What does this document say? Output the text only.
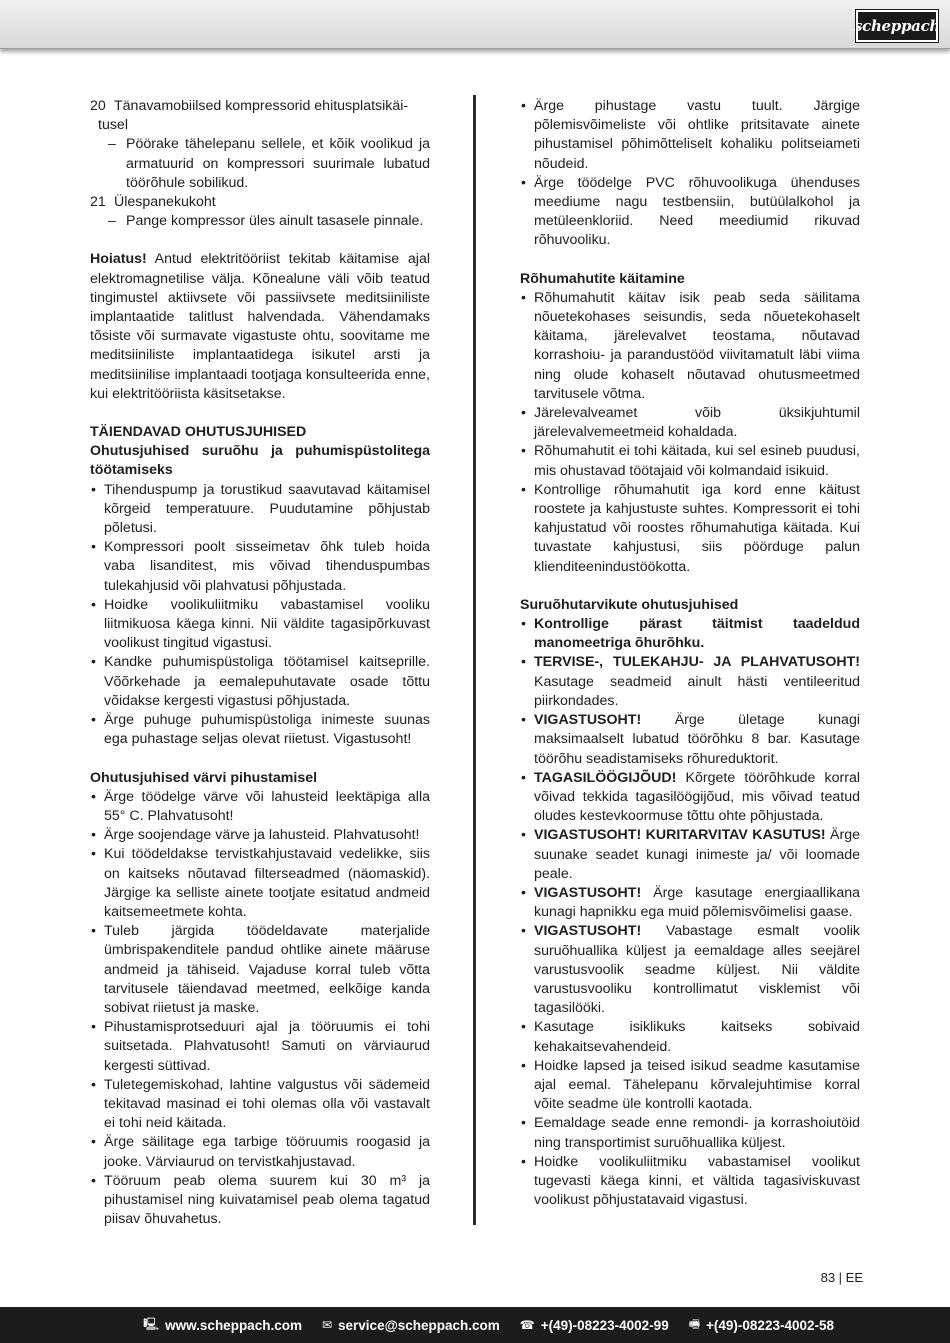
scheppach
20 Tänavamobiilsed kompressorid ehitusplatsikäi-
tusel
– Pöörake tähelepanu sellele, et kõik voolikud ja armatuurid on kompressori suurimale lubatud töörõhule sobilikud.
21 Ülespanekukoht
– Pange kompressor üles ainult tasasele pinnale.

Hoiatus! Antud elektritööriist tekitab käitamise ajal elektromagnetilise välja. Kõnealune väli võib teatud tingimustel aktiivsete või passiivsete meditsiiniliste implantaatide talitlust halvendada. Vähendamaks tõsiste või surmavate vigastuste ohtu, soovitame me meditsiiniliste implantaatidega isikutel arsti ja meditsiinilise implantaadi tootjaga konsulteerida enne, kui elektritööriista käsitsetakse.

TÄIENDAVAD OHUTUSJUHISED

Ohutusjuhised suruõhu ja puhumispüstolitega töötamiseks

• Tihenduspump ja torustikud saavutavad käitamisel kõrgeid temperatuure. Puudutamine põhjustab põletusi.
• Kompressori poolt sisseimetav õhk tuleb hoida vaba lisanditest, mis võivad tihenduspumbas tulekahjusid või plahvatusi põhjustada.
• Hoidke voolikuliitmiku vabastamisel vooliku liitmikuosa käega kinni. Nii väldite tagasipõrkuvast voolikust tingitud vigastusi.
• Kandke puhumispüstoliga töötamisel kaitseprille. Võõrkehade ja eemalepuhutavate osade tõttu võidakse kergesti vigastusi põhjustada.
• Ärge puhuge puhumispüstoliga inimeste suunas ega puhastage seljas olevat riietust. Vigastusoht!
Ohutusjuhised värvi pihustamisel
• Ärge töödelge värve või lahusteid leektäpiga alla 55° C. Plahvatusoht!
• Ärge soojendage värve ja lahusteid. Plahvatusoht!
• Kui töödeldakse tervistkahjustavaid vedelikke, siis on kaitseks nõutavad filterseadmed (näomaskid). Järgige ka selliste ainete tootjate esitatud andmeid kaitsemeetmete kohta.
• Tuleb järgida töödeldavate materjalide ümbrispakenditele pandud ohtlike ainete määruse andmeid ja tähiseid. Vajaduse korral tuleb võtta tarvitusele täiendavad meetmed, eelkõige kanda sobivat riietust ja maske.
• Pihustamisprotseduuri ajal ja tööruumis ei tohi suitsetada. Plahvatusoht! Samuti on värviaurud kergesti süttivad.
• Tuletegemiskohad, lahtine valgustus või sädemeid tekitavad masinad ei tohi olemas olla või vastavalt ei tohi neid käitada.
• Ärge säilitage ega tarbige tööruumis roogasid ja jooke. Värviaurud on tervistkahjustavad.
• Tööruum peab olema suurem kui 30 m³ ja pihustamisel ning kuivatamisel peab olema tagatud piisav õhuvahetus.
• Ärge pihustage vastu tuult. Järgige põlemisvõimeliste või ohtlike pritsitavate ainete pihustamisel põhimõtteliselt kohaliku politseiameti nõudeid.
• Ärge töödelge PVC rõhuvoolikuga ühenduses meediume nagu testbensiin, butüülalkohol ja metüleenkloriid. Need meediumid rikuvad rõhuvooliku.
Rõhumahutite käitamine
• Rõhumahutit käitav isik peab seda säilitama nõuetekohases seisundis, seda nõuetekohaselt käitama, järelevalvet teostama, nõutavad korrashoiu- ja parandustööd viivitamatult läbi viima ning olude kohaselt nõutavad ohutusmeetmed tarvitusele võtma.
• Järelevalveamet võib üksikjuhtumil järelevalvemeetmeid kohaldada.
• Rõhumahutit ei tohi käitada, kui sel esineb puudusi, mis ohustavad töötajaid või kolmandaid isikuid.
• Kontrollige rõhumahutit iga kord enne käitust roostete ja kahjustuste suhtes. Kompressorit ei tohi kahjustatud või roostes rõhumahutiga käitada. Kui tuvastate kahjustusi, siis pöörduge palun klienditeenindustöökotta.
Suruõhutarvikute ohutusjuhised
• Kontrollige pärast täitmist taadeldud manomeetriga õhurõhku.
• TERVISE-, TULEKAHJU- JA PLAHVATUSOHT! Kasutage seadmeid ainult hästi ventileeritud piirkondades.
• VIGASTUSOHT! Ärge ületage kunagi maksimaalselt lubatud töörõhku 8 bar. Kasutage töörõhu seadistamiseks rõhureduktorit.
• TAGASILÖÖGIJÕUD! Kõrgete töörõhkude korral võivad tekkida tagasilöögijõud, mis võivad teatud oludes kestevkoormuse tõttu ohte põhjustada.
• VIGASTUSOHT! KURITARVITAV KASUTUS! Ärge suunake seadet kunagi inimeste ja/ või loomade peale.
• VIGASTUSOHT! Ärge kasutage energiaallikana kunagi hapnikku ega muid põlemisvõimelisi gaase.
• VIGASTUSOHT! Vabastage esmalt voolik suruõhuallika küljest ja eemaldage alles seejärel varustusvoolik seadme küljest. Nii väldite varustusvooliku kontrollimatut visklemist või tagasilööki.
• Kasutage isiklikuks kaitseks sobivaid kehakaitsevahendeid.
• Hoidke lapsed ja teised isikud seadme kasutamise ajal eemal. Tähelepanu kõrvalejuhtimise korral võite seadme üle kontrolli kaotada.
• Eemaldage seade enne remondi- ja korrashoiutöid ning transportimist suruõhuallika küljest.
• Hoidke voolikuliitmiku vabastamisel voolikut tugevasti käega kinni, et vältida tagasiviskuvast voolikust põhjustatavaid vigastusi.
83 | EE
🖳 www.scheppach.com ✉ service@scheppach.com ☎ +(49)-08223-4002-99 🖷 +(49)-08223-4002-58
